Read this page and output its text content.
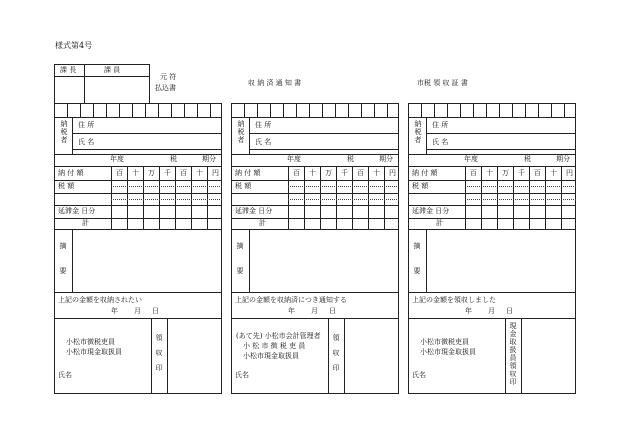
様式第4号
課 長	課 員
元 符
払込書
収 納 済 通 知 書	市税 領 収 証 書
納税者 住 所
氏 名
年度	税	期分
百 十 万 千 百 十 円
納 付 額
税 額
延滞金 日分
計
摘要
上記の金額を収納されたい
年 月 日
領収印
小松市徴税吏員
小松市現金取扱員
氏名
納税者 住 所
氏 名
年度	税	期分
百 十 万 千 百 十 円
納 付 額
税 額
延滞金 日分
計
摘要
上記の金額を収納済につき通知する
年 月 日
領収印
(あて先) 小松市会計管理者
小 松 市 徴 税 吏 員
小松市現金取扱員
氏名
納税者 住 所
氏 名
年度	税	期分
百 十 万 千 百 十 円
納 付 額
税 額
延滞金 日分
計
摘要
上記の金額を領収しました
年 月 日
現金取扱員領収印
小松市徴税吏員
小松市現金取扱員
氏名
